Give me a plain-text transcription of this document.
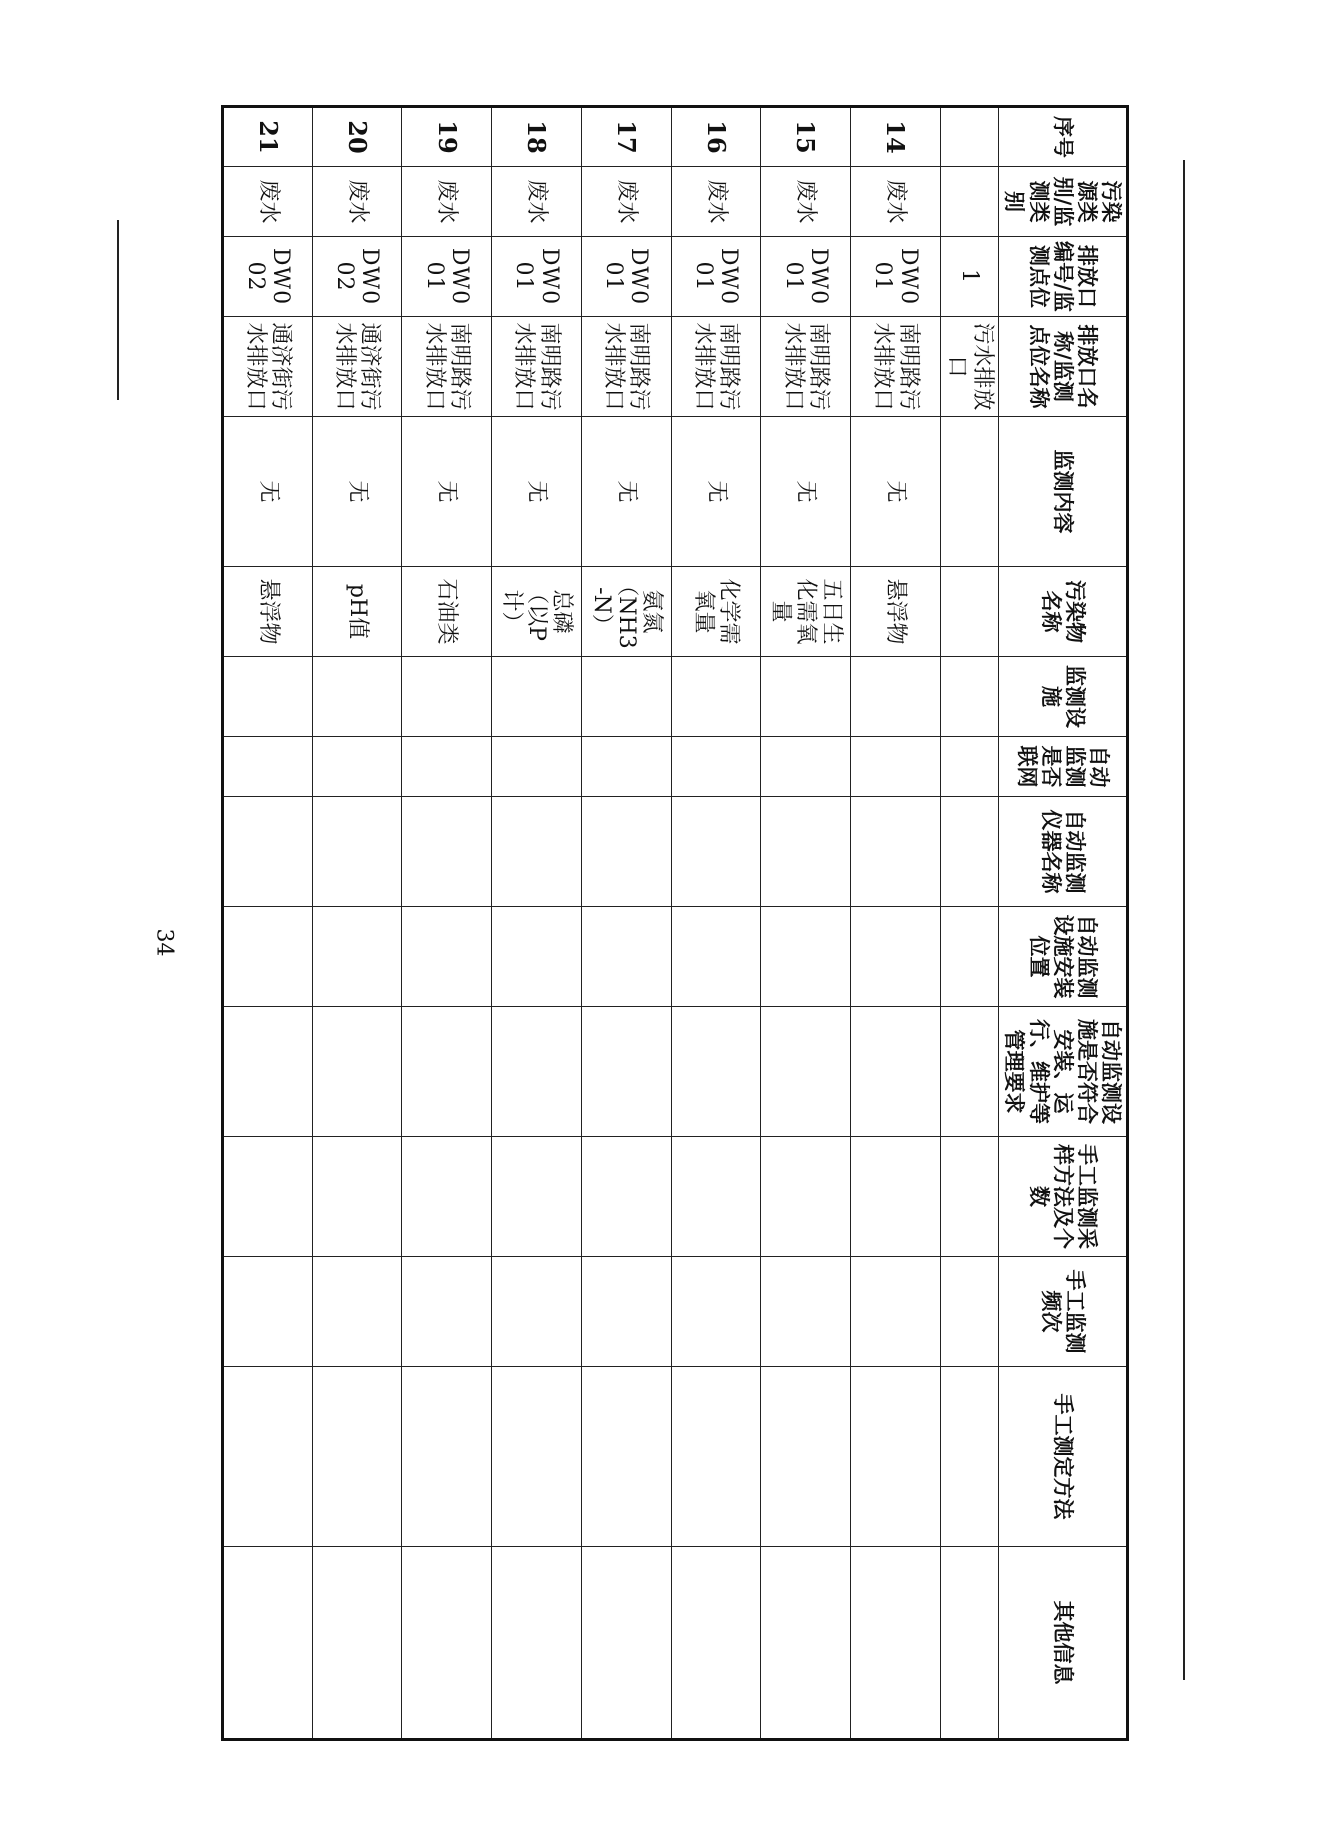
34
序号	污染源类别/监测类别	排放口编号/监测点位	排放口名称/监测点位名称	监测内容	污染物名称	监测设施	自动监测是否联网	自动监测仪器名称	自动监测设施安装位置	自动监测设施是否符合安装、运行、维护等管理要求	手工监测采样方法及个数	手工监测频次	手工测定方法	其他信息
		1	污水排放口											
14	废水	DW001	南明路污水排放口	无	悬浮物									
15	废水	DW001	南明路污水排放口	无	五日生化需氧量									
16	废水	DW001	南明路污水排放口	无	化学需氧量									
17	废水	DW001	南明路污水排放口	无	氨氮（NH3-N）									
18	废水	DW001	南明路污水排放口	无	总磷（以P计）									
19	废水	DW001	南明路污水排放口	无	石油类									
20	废水	DW002	通济街污水排放口	无	pH值									
21	废水	DW002	通济街污水排放口	无	悬浮物									
